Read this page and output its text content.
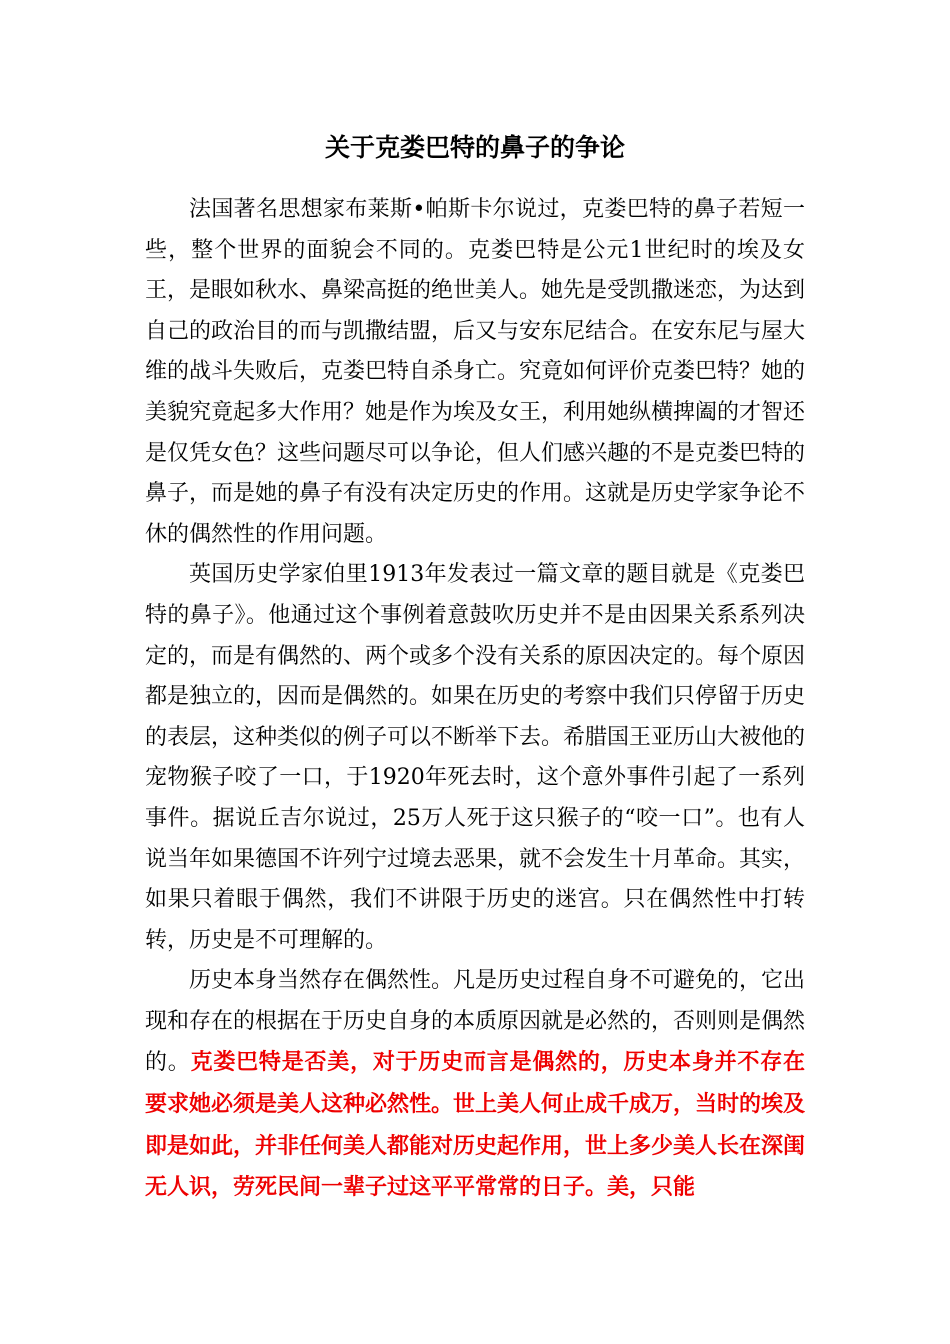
关于克娄巴特的鼻子的争论

法国著名思想家布莱斯•帕斯卡尔说过，克娄巴特的鼻子若短一些，整个世界的面貌会不同的。克娄巴特是公元1世纪时的埃及女王，是眼如秋水、鼻梁高挺的绝世美人。她先是受凯撒迷恋，为达到自己的政治目的而与凯撒结盟，后又与安东尼结合。在安东尼与屋大维的战斗失败后，克娄巴特自杀身亡。究竟如何评价克娄巴特？她的美貌究竟起多大作用？她是作为埃及女王，利用她纵横捭阖的才智还是仅凭女色？这些问题尽可以争论，但人们感兴趣的不是克娄巴特的鼻子，而是她的鼻子有没有决定历史的作用。这就是历史学家争论不休的偶然性的作用问题。

英国历史学家伯里1913年发表过一篇文章的题目就是《克娄巴特的鼻子》。他通过这个事例着意鼓吹历史并不是由因果关系系列决定的，而是有偶然的、两个或多个没有关系的原因决定的。每个原因都是独立的，因而是偶然的。如果在历史的考察中我们只停留于历史的表层，这种类似的例子可以不断举下去。希腊国王亚历山大被他的宠物猴子咬了一口，于1920年死去时，这个意外事件引起了一系列事件。据说丘吉尔说过，25万人死于这只猴子的“咬一口”。也有人说当年如果德国不许列宁过境去恶果，就不会发生十月革命。其实，如果只着眼于偶然，我们不讲限于历史的迷宫。只在偶然性中打转转，历史是不可理解的。

历史本身当然存在偶然性。凡是历史过程自身不可避免的，它出现和存在的根据在于历史自身的本质原因就是必然的，否则则是偶然的。克娄巴特是否美，对于历史而言是偶然的，历史本身并不存在要求她必须是美人这种必然性。世上美人何止成千成万，当时的埃及即是如此，并非任何美人都能对历史起作用，世上多少美人长在深闺无人识，劳死民间一辈子过这平平常常的日子。美，只能
